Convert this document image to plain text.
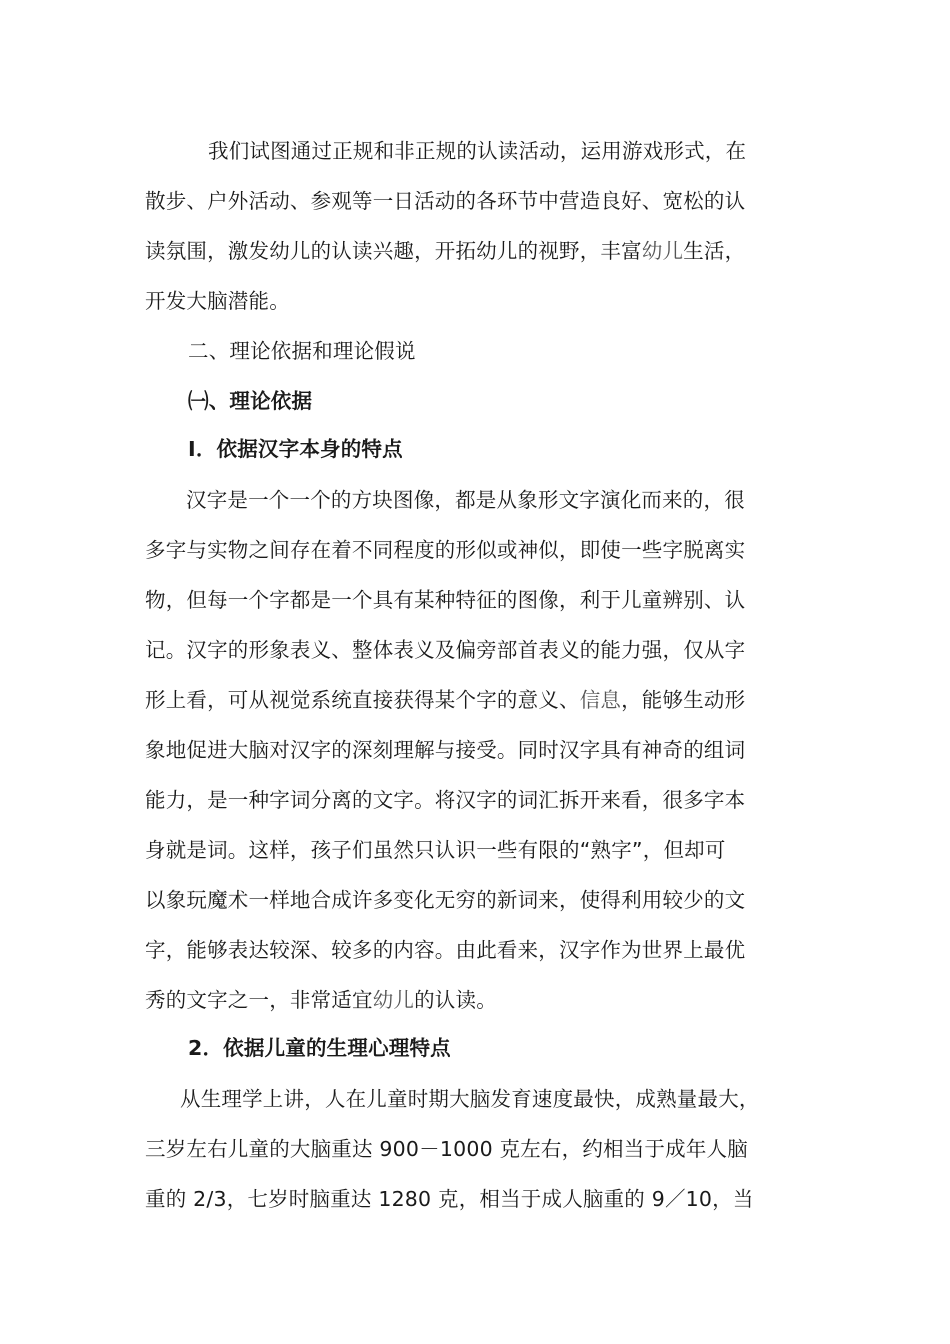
我们试图通过正规和非正规的认读活动，运用游戏形式，在
散步、户外活动、参观等一日活动的各环节中营造良好、宽松的认
读氛围，激发幼儿的认读兴趣，开拓幼儿的视野，丰富幼儿生活，
开发大脑潜能。
二、理论依据和理论假说
㈠、理论依据
I．依据汉字本身的特点
汉字是一个一个的方块图像，都是从象形文字演化而来的，很
多字与实物之间存在着不同程度的形似或神似，即使一些字脱离实
物，但每一个字都是一个具有某种特征的图像，利于儿童辨别、认
记。汉字的形象表义、整体表义及偏旁部首表义的能力强，仅从字
形上看，可从视觉系统直接获得某个字的意义、信息，能够生动形
象地促进大脑对汉字的深刻理解与接受。同时汉字具有神奇的组词
能力，是一种字词分离的文字。将汉字的词汇拆开来看，很多字本
身就是词。这样，孩子们虽然只认识一些有限的“熟字”，但却可
以象玩魔术一样地合成许多变化无穷的新词来，使得利用较少的文
字，能够表达较深、较多的内容。由此看来，汉字作为世界上最优
秀的文字之一，非常适宜幼儿的认读。
2．依据儿童的生理心理特点
从生理学上讲，人在儿童时期大脑发育速度最快，成熟量最大，
三岁左右儿童的大脑重达 900－1000 克左右，约相当于成年人脑
重的 2/3，七岁时脑重达 1280 克，相当于成人脑重的 9／10，当
